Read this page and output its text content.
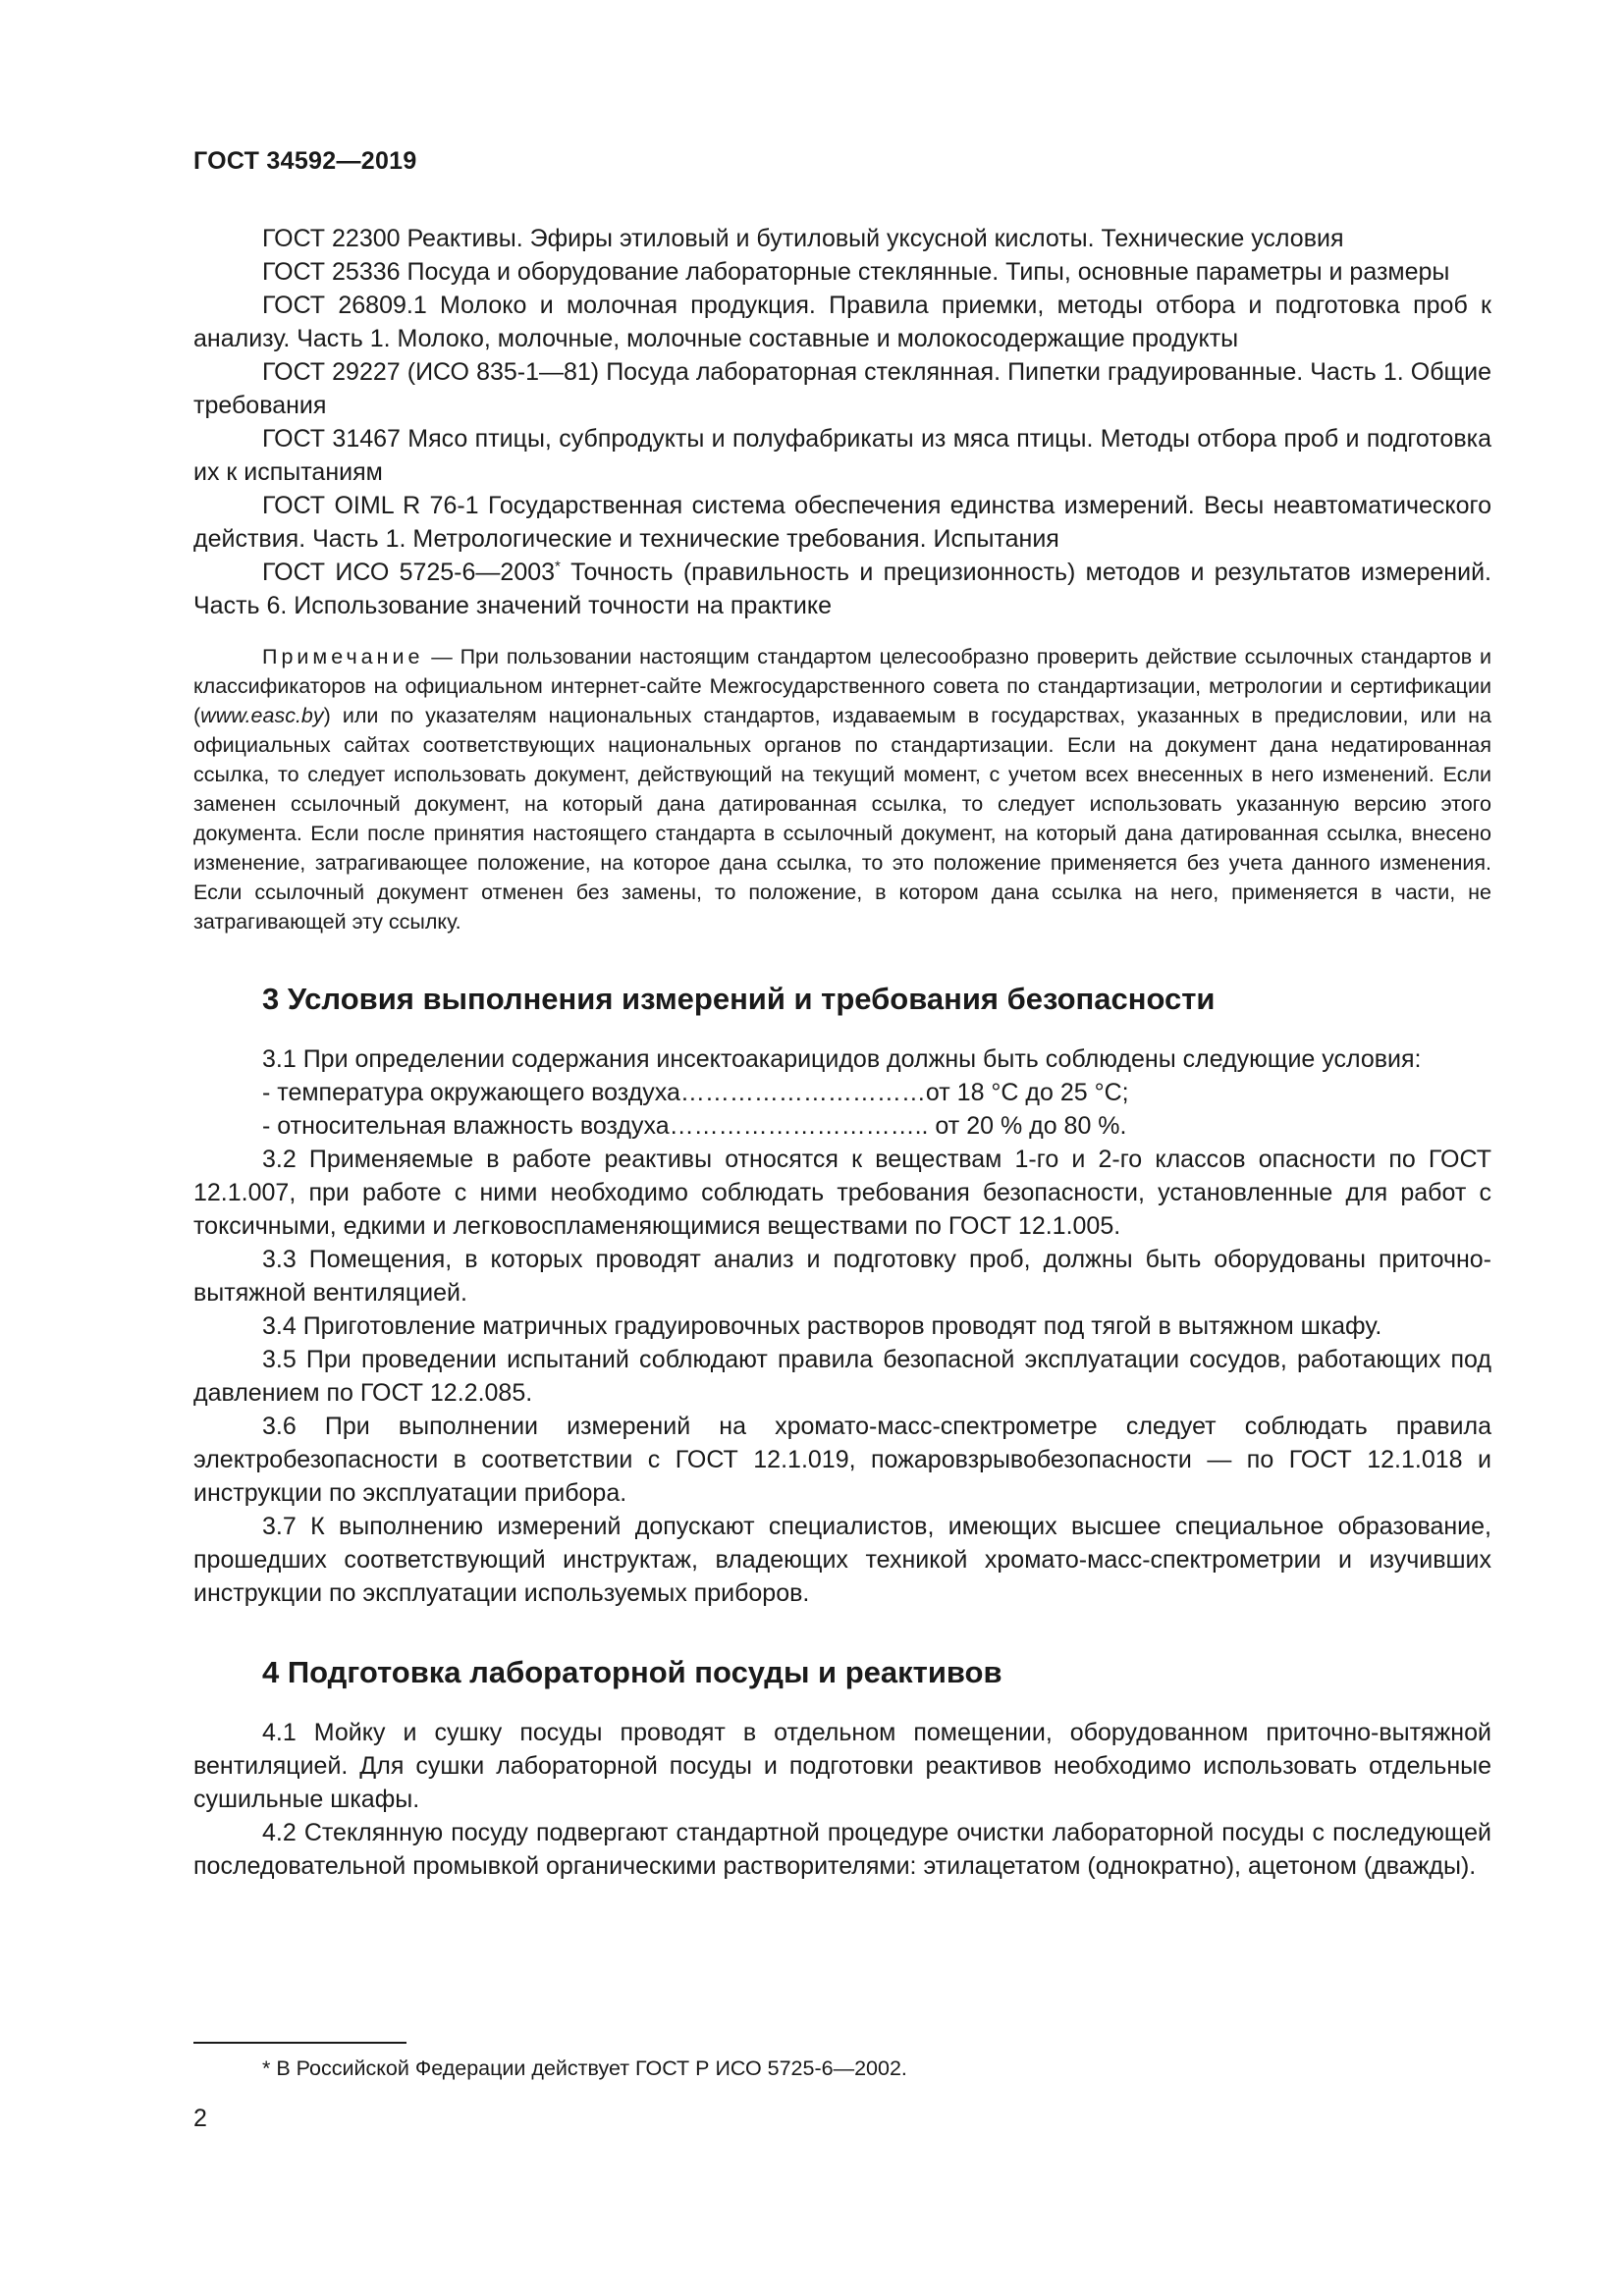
ГОСТ 34592—2019

ГОСТ 22300 Реактивы. Эфиры этиловый и бутиловый уксусной кислоты. Технические условия

ГОСТ 25336 Посуда и оборудование лабораторные стеклянные. Типы, основные параметры и размеры

ГОСТ 26809.1 Молоко и молочная продукция. Правила приемки, методы отбора и подготовка проб к анализу. Часть 1. Молоко, молочные, молочные составные и молокосодержащие продукты

ГОСТ 29227 (ИСО 835-1—81) Посуда лабораторная стеклянная. Пипетки градуированные. Часть 1. Общие требования

ГОСТ 31467 Мясо птицы, субпродукты и полуфабрикаты из мяса птицы. Методы отбора проб и подготовка их к испытаниям

ГОСТ OIML R 76-1 Государственная система обеспечения единства измерений. Весы неавтоматического действия. Часть 1. Метрологические и технические требования. Испытания

ГОСТ ИСО 5725-6—2003* Точность (правильность и прецизионность) методов и результатов измерений. Часть 6. Использование значений точности на практике

Примечание — При пользовании настоящим стандартом целесообразно проверить действие ссылочных стандартов и классификаторов на официальном интернет-сайте Межгосударственного совета по стандартизации, метрологии и сертификации (www.easc.by) или по указателям национальных стандартов, издаваемым в государствах, указанных в предисловии, или на официальных сайтах соответствующих национальных органов по стандартизации. Если на документ дана недатированная ссылка, то следует использовать документ, действующий на текущий момент, с учетом всех внесенных в него изменений. Если заменен ссылочный документ, на который дана датированная ссылка, то следует использовать указанную версию этого документа. Если после принятия настоящего стандарта в ссылочный документ, на который дана датированная ссылка, внесено изменение, затрагивающее положение, на которое дана ссылка, то это положение применяется без учета данного изменения. Если ссылочный документ отменен без замены, то положение, в котором дана ссылка на него, применяется в части, не затрагивающей эту ссылку.

3 Условия выполнения измерений и требования безопасности

3.1 При определении содержания инсектоакарицидов должны быть соблюдены следующие условия:

- температура окружающего воздуха…………………………от 18 °C до 25 °C;

- относительная влажность воздуха………………………….. от 20 % до 80 %.

3.2 Применяемые в работе реактивы относятся к веществам 1-го и 2-го классов опасности по ГОСТ 12.1.007, при работе с ними необходимо соблюдать требования безопасности, установленные для работ с токсичными, едкими и легковоспламеняющимися веществами по ГОСТ 12.1.005.

3.3 Помещения, в которых проводят анализ и подготовку проб, должны быть оборудованы приточно-вытяжной вентиляцией.

3.4 Приготовление матричных градуировочных растворов проводят под тягой в вытяжном шкафу.

3.5 При проведении испытаний соблюдают правила безопасной эксплуатации сосудов, работающих под давлением по ГОСТ 12.2.085.

3.6 При выполнении измерений на хромато-масс-спектрометре следует соблюдать правила электробезопасности в соответствии с ГОСТ 12.1.019, пожаровзрывобезопасности — по ГОСТ 12.1.018 и инструкции по эксплуатации прибора.

3.7 К выполнению измерений допускают специалистов, имеющих высшее специальное образование, прошедших соответствующий инструктаж, владеющих техникой хромато-масс-спектрометрии и изучивших инструкции по эксплуатации используемых приборов.

4 Подготовка лабораторной посуды и реактивов

4.1 Мойку и сушку посуды проводят в отдельном помещении, оборудованном приточно-вытяжной вентиляцией. Для сушки лабораторной посуды и подготовки реактивов необходимо использовать отдельные сушильные шкафы.

4.2 Стеклянную посуду подвергают стандартной процедуре очистки лабораторной посуды с последующей последовательной промывкой органическими растворителями: этилацетатом (однократно), ацетоном (дважды).

* В Российской Федерации действует ГОСТ Р ИСО 5725-6—2002.
2
